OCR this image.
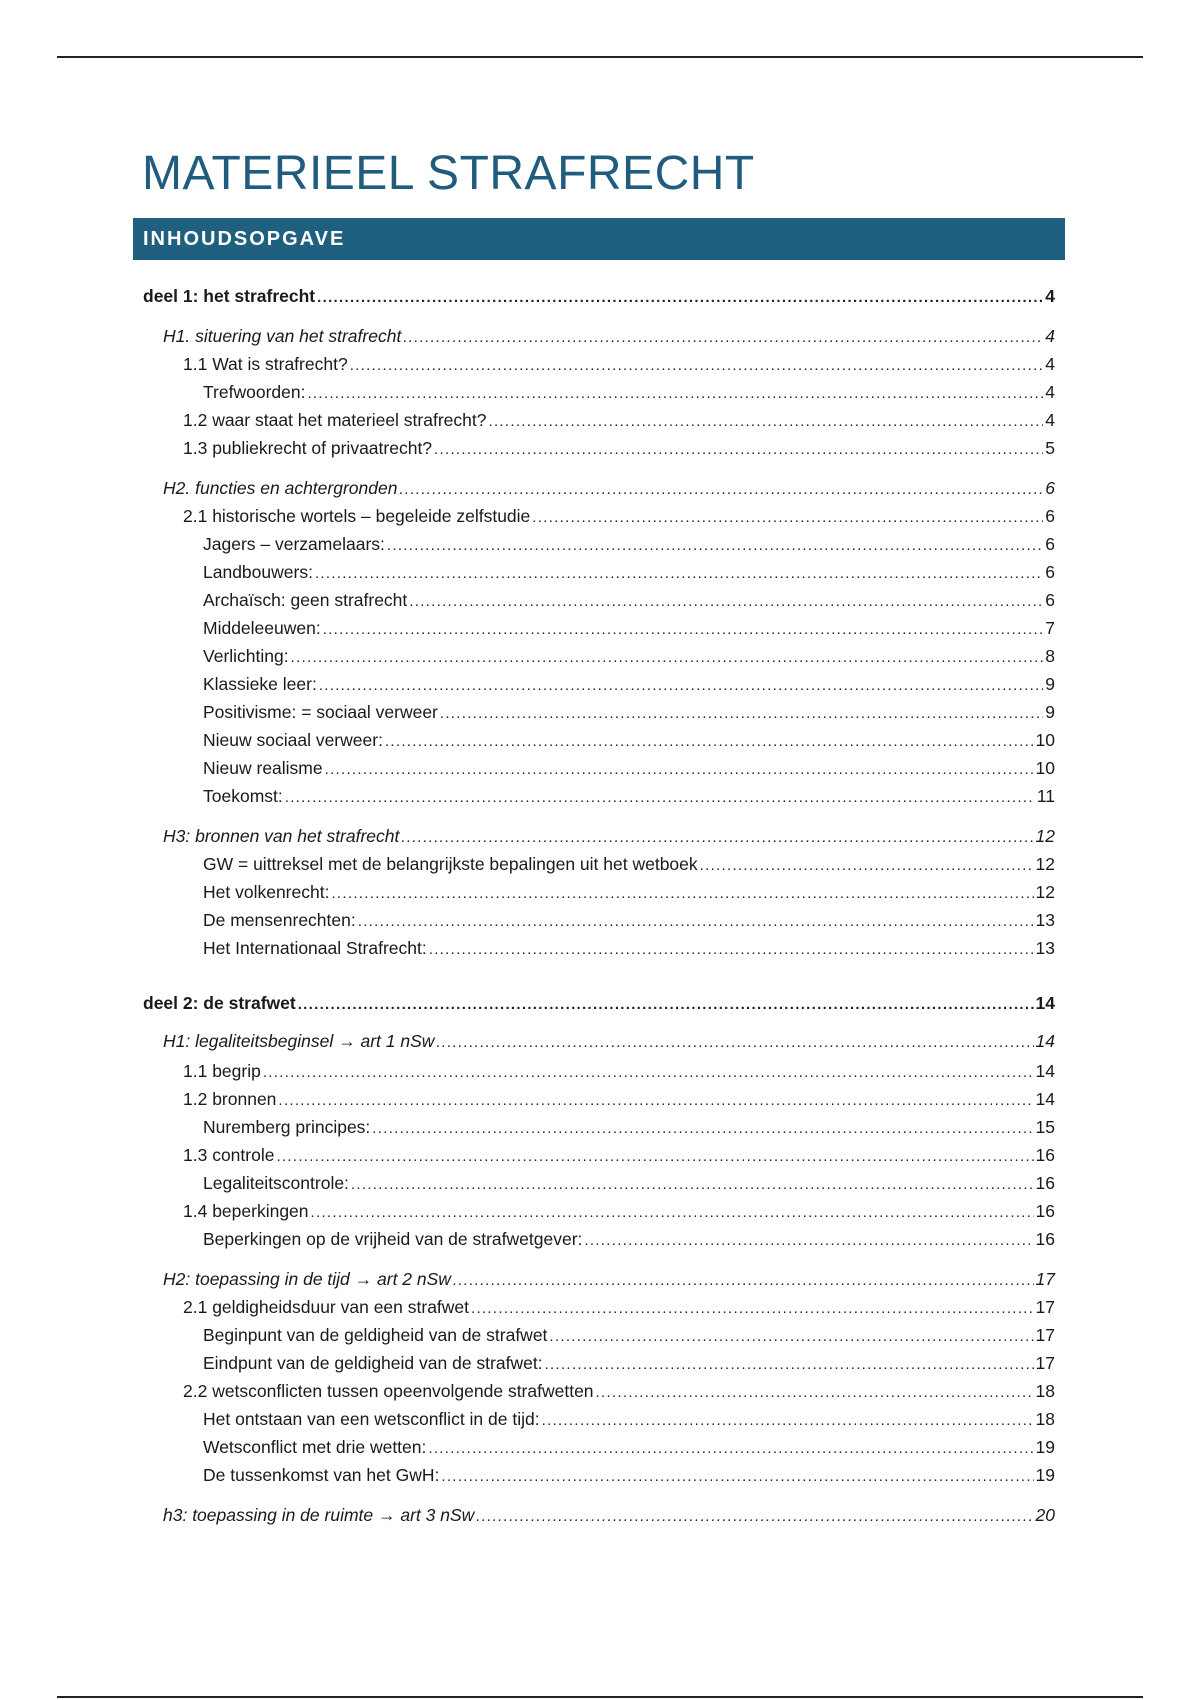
MATERIEEL STRAFRECHT
INHOUDSOPGAVE
deel 1: het strafrecht .....	4
H1. situering van het strafrecht .....	4
1.1 Wat is strafrecht? .....	4
Trefwoorden: .....	4
1.2 waar staat het materieel strafrecht? .....	4
1.3 publiekrecht of privaatrecht? .....	5
H2. functies en achtergronden .....	6
2.1 historische wortels – begeleide zelfstudie .....	6
Jagers – verzamelaars: .....	6
Landbouwers: .....	6
Archaïsch: geen strafrecht .....	6
Middeleeuwen: .....	7
Verlichting: .....	8
Klassieke leer: .....	9
Positivisme: = sociaal verweer .....	9
Nieuw sociaal verweer: .....	10
Nieuw realisme .....	10
Toekomst: .....	11
H3: bronnen van het strafrecht .....	12
GW = uittreksel met de belangrijkste bepalingen uit het wetboek .....	12
Het volkenrecht: .....	12
De mensenrechten: .....	13
Het Internationaal Strafrecht: .....	13
deel 2: de strafwet .....	14
H1: legaliteitsbeginsel → art 1 nSw .....	14
1.1 begrip .....	14
1.2 bronnen .....	14
Nuremberg principes: .....	15
1.3 controle .....	16
Legaliteitscontrole: .....	16
1.4 beperkingen .....	16
Beperkingen op de vrijheid van de strafwetgever: .....	16
H2: toepassing in de tijd → art 2 nSw .....	17
2.1 geldigheidsduur van een strafwet .....	17
Beginpunt van de geldigheid van de strafwet .....	17
Eindpunt van de geldigheid van de strafwet: .....	17
2.2 wetsconflicten tussen opeenvolgende strafwetten .....	18
Het ontstaan van een wetsconflict in de tijd: .....	18
Wetsconflict met drie wetten: .....	19
De tussenkomst van het GwH: .....	19
h3: toepassing in de ruimte → art 3 nSw .....	20
